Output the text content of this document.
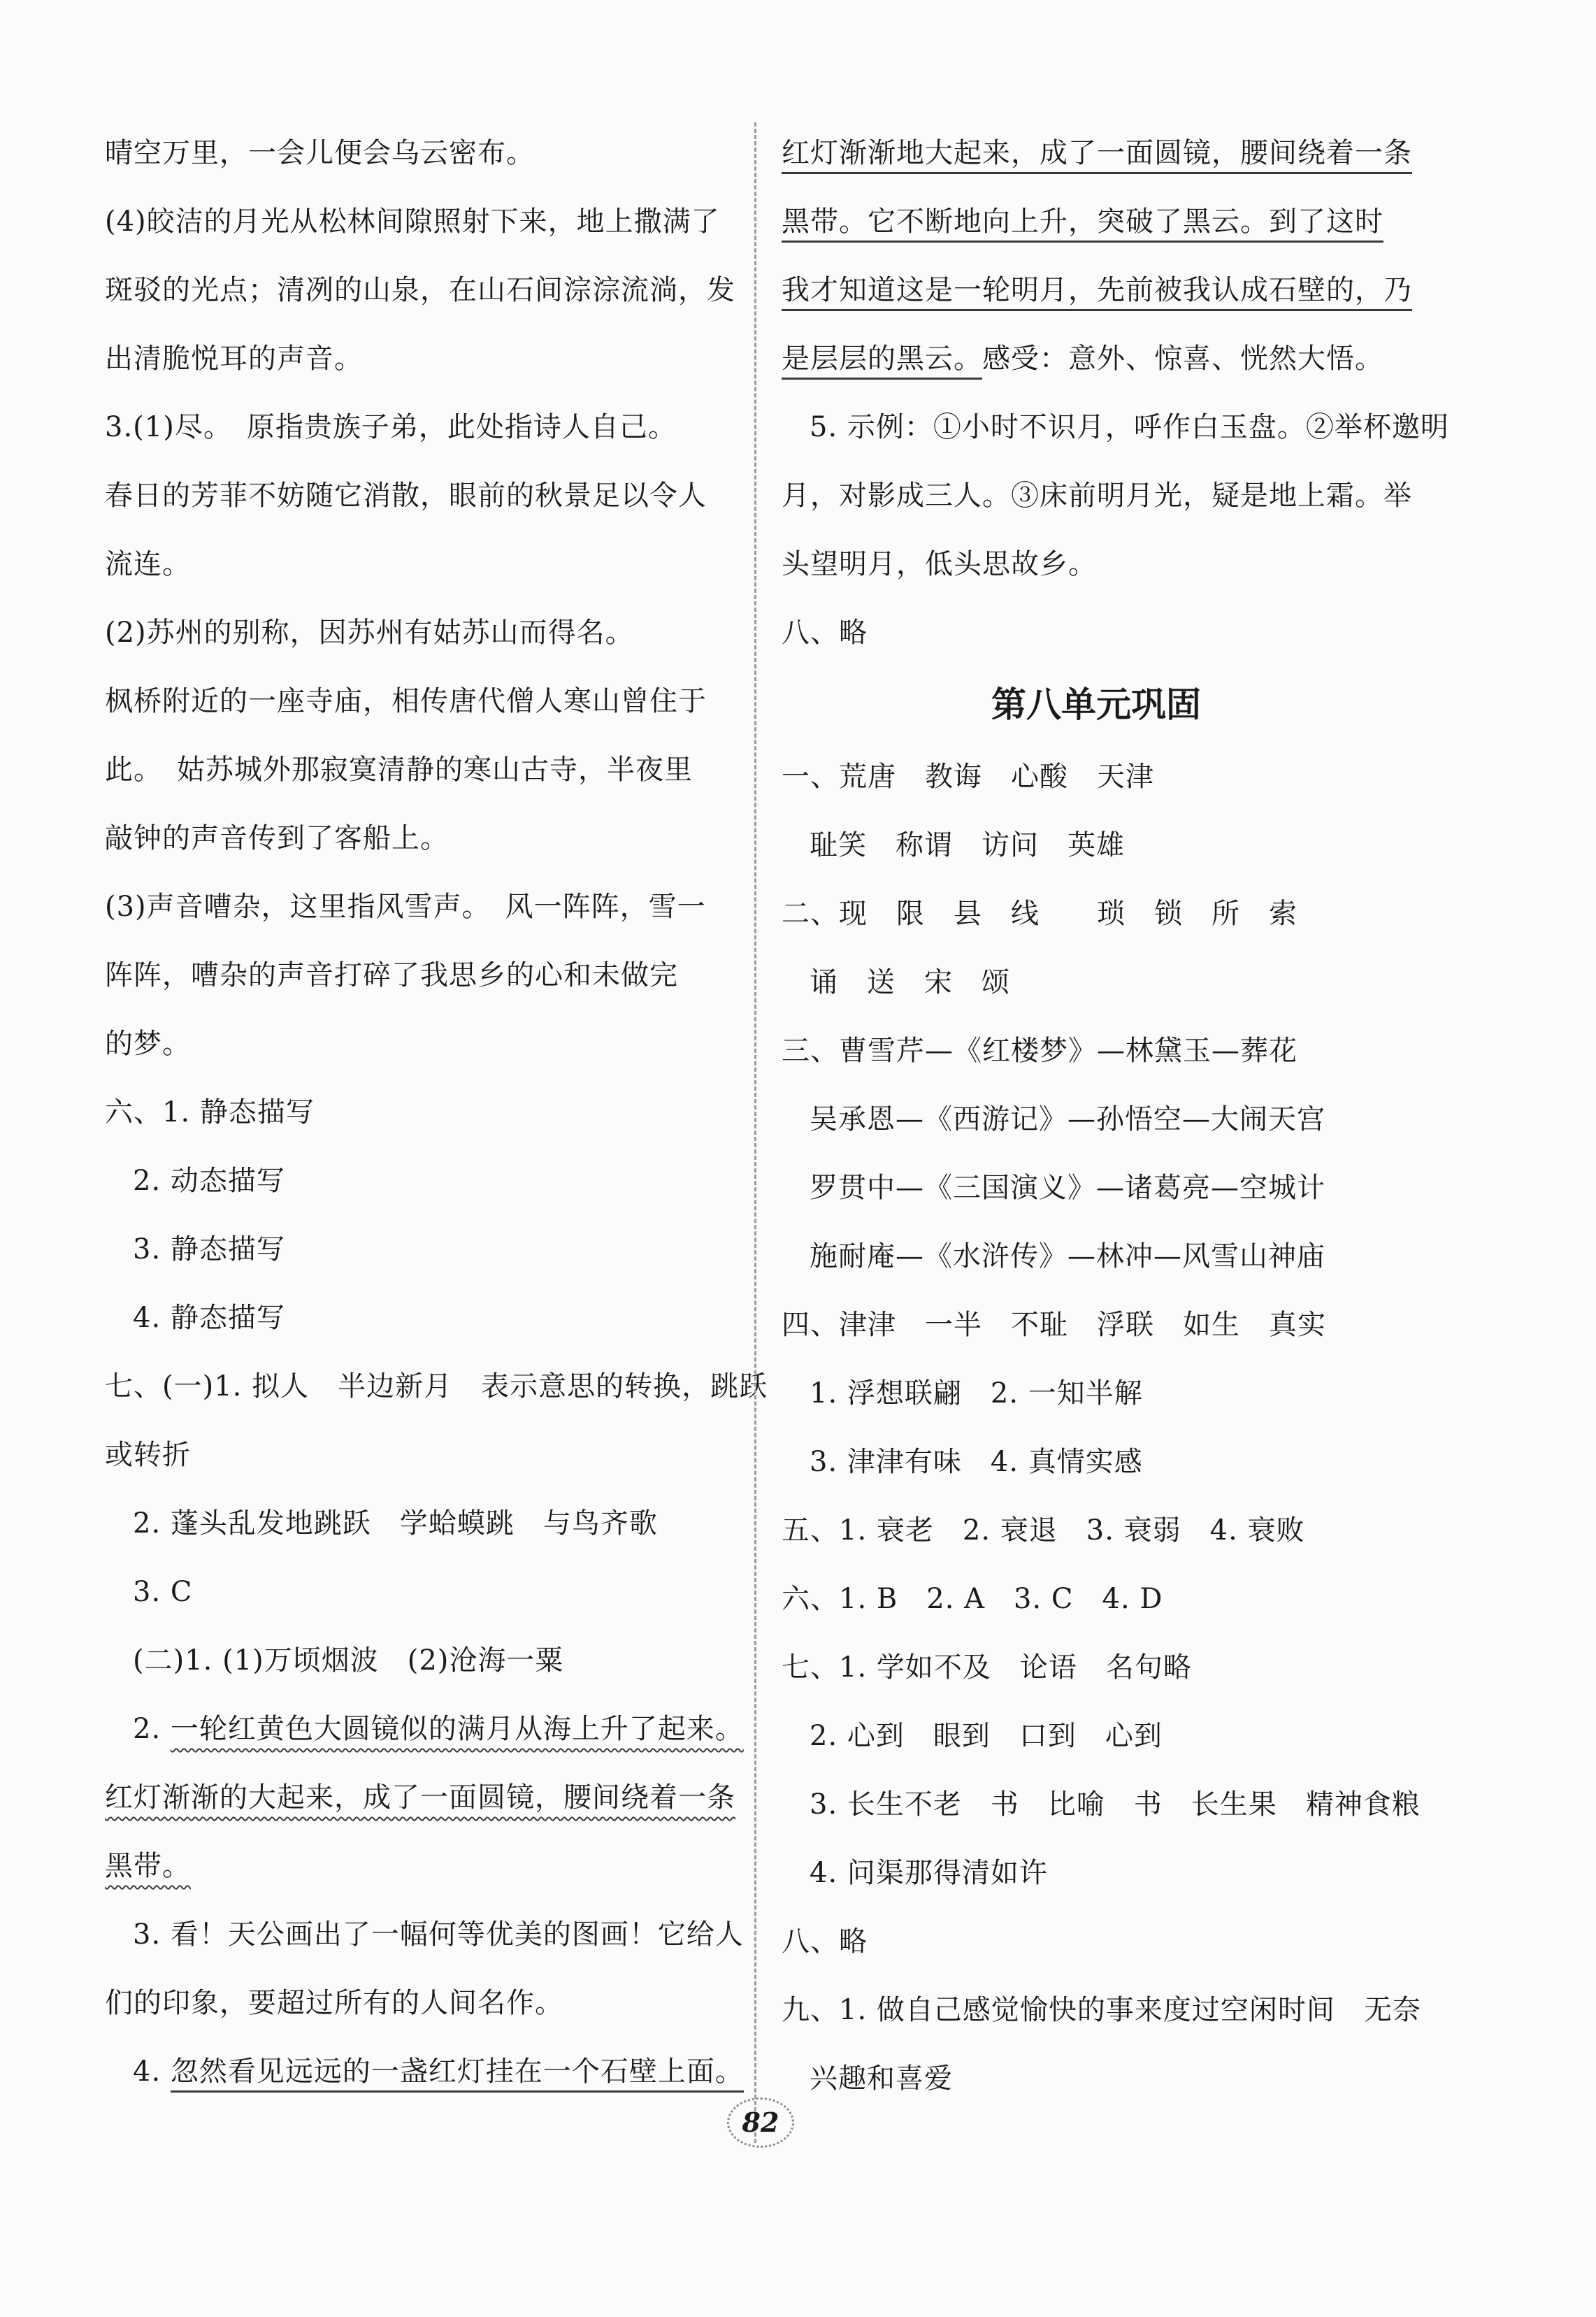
晴空万里，一会儿便会乌云密布。
(4)皎洁的月光从松林间隙照射下来，地上撒满了
斑驳的光点；清冽的山泉，在山石间淙淙流淌，发
出清脆悦耳的声音。
3.(1)尽。　原指贵族子弟，此处指诗人自己。
春日的芳菲不妨随它消散，眼前的秋景足以令人
流连。
(2)苏州的别称，因苏州有姑苏山而得名。
枫桥附近的一座寺庙，相传唐代僧人寒山曾住于
此。　姑苏城外那寂寞清静的寒山古寺，半夜里
敲钟的声音传到了客船上。
(3)声音嘈杂，这里指风雪声。　风一阵阵，雪一
阵阵，嘈杂的声音打碎了我思乡的心和未做完
的梦。
六、1. 静态描写
2. 动态描写
3. 静态描写
4. 静态描写
七、(一)1. 拟人　半边新月　表示意思的转换，跳跃
或转折
2. 蓬头乱发地跳跃　学蛤蟆跳　与鸟齐歌
3. C
(二)1. (1)万顷烟波　(2)沧海一粟
2. 一轮红黄色大圆镜似的满月从海上升了起来。
红灯渐渐的大起来，成了一面圆镜，腰间绕着一条
黑带。
3. 看！天公画出了一幅何等优美的图画！它给人
们的印象，要超过所有的人间名作。
4. 忽然看见远远的一盏红灯挂在一个石壁上面。
红灯渐渐地大起来，成了一面圆镜，腰间绕着一条
黑带。它不断地向上升，突破了黑云。到了这时
我才知道这是一轮明月，先前被我认成石壁的，乃
是层层的黑云。感受：意外、惊喜、恍然大悟。
5. 示例：①小时不识月，呼作白玉盘。②举杯邀明
月，对影成三人。③床前明月光，疑是地上霜。举
头望明月，低头思故乡。
八、略
第八单元巩固
一、荒唐　教诲　心酸　天津
耻笑　称谓　访问　英雄
二、现　限　县　线　　琐　锁　所　索
诵　送　宋　颂
三、曹雪芹—《红楼梦》—林黛玉—葬花
吴承恩—《西游记》—孙悟空—大闹天宫
罗贯中—《三国演义》—诸葛亮—空城计
施耐庵—《水浒传》—林冲—风雪山神庙
四、津津　一半　不耻　浮联　如生　真实
1. 浮想联翩　2. 一知半解
3. 津津有味　4. 真情实感
五、1. 衰老　2. 衰退　3. 衰弱　4. 衰败
六、1. B　2. A　3. C　4. D
七、1. 学如不及　论语　名句略
2. 心到　眼到　口到　心到
3. 长生不老　书　比喻　书　长生果　精神食粮
4. 问渠那得清如许
八、略
九、1. 做自己感觉愉快的事来度过空闲时间　无奈
兴趣和喜爱
82
